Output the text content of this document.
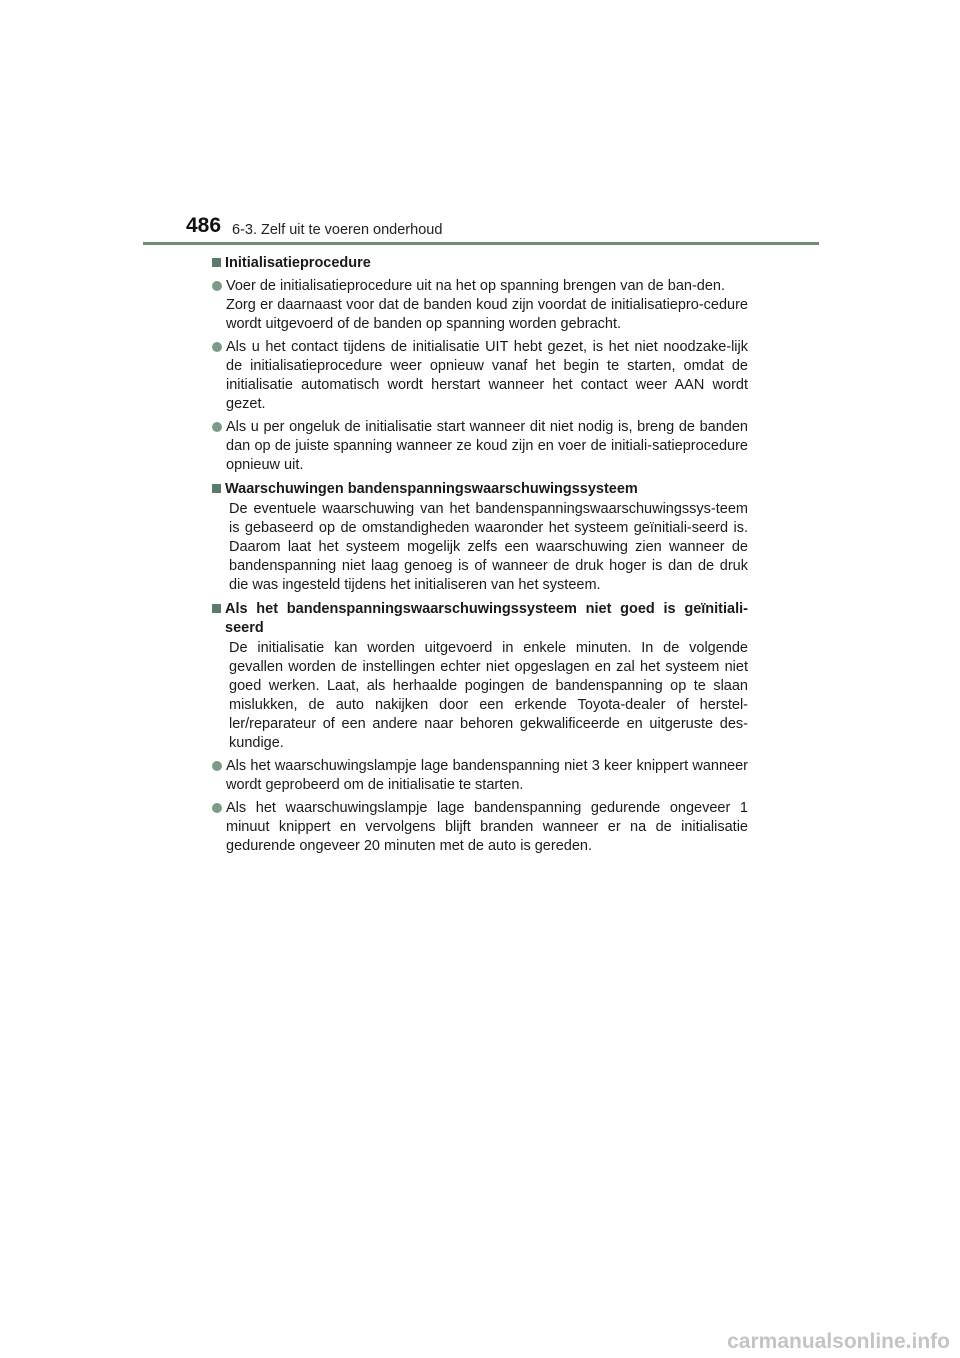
486 6-3. Zelf uit te voeren onderhoud
Initialisatieprocedure

Voer de initialisatieprocedure uit na het op spanning brengen van de ban-den.

Zorg er daarnaast voor dat de banden koud zijn voordat de initialisatiepro-cedure wordt uitgevoerd of de banden op spanning worden gebracht.

Als u het contact tijdens de initialisatie UIT hebt gezet, is het niet noodzake-lijk de initialisatieprocedure weer opnieuw vanaf het begin te starten, omdat de initialisatie automatisch wordt herstart wanneer het contact weer AAN wordt gezet.

Als u per ongeluk de initialisatie start wanneer dit niet nodig is, breng de banden dan op de juiste spanning wanneer ze koud zijn en voer de initiali-satieprocedure opnieuw uit.

Waarschuwingen bandenspanningswaarschuwingssysteem
De eventuele waarschuwing van het bandenspanningswaarschuwingssys-teem is gebaseerd op de omstandigheden waaronder het systeem geïnitiali-seerd is. Daarom laat het systeem mogelijk zelfs een waarschuwing zien wanneer de bandenspanning niet laag genoeg is of wanneer de druk hoger is dan de druk die was ingesteld tijdens het initialiseren van het systeem.
Als het bandenspanningswaarschuwingssysteem niet goed is geïnitiali-seerd
De initialisatie kan worden uitgevoerd in enkele minuten. In de volgende gevallen worden de instellingen echter niet opgeslagen en zal het systeem niet goed werken. Laat, als herhaalde pogingen de bandenspanning op te slaan mislukken, de auto nakijken door een erkende Toyota-dealer of herstel-ler/reparateur of een andere naar behoren gekwalificeerde en uitgeruste des-kundige.

Als het waarschuwingslampje lage bandenspanning niet 3 keer knippert wanneer wordt geprobeerd om de initialisatie te starten.

Als het waarschuwingslampje lage bandenspanning gedurende ongeveer 1 minuut knippert en vervolgens blijft branden wanneer er na de initialisatie gedurende ongeveer 20 minuten met de auto is gereden.

carmanualsonline.info
